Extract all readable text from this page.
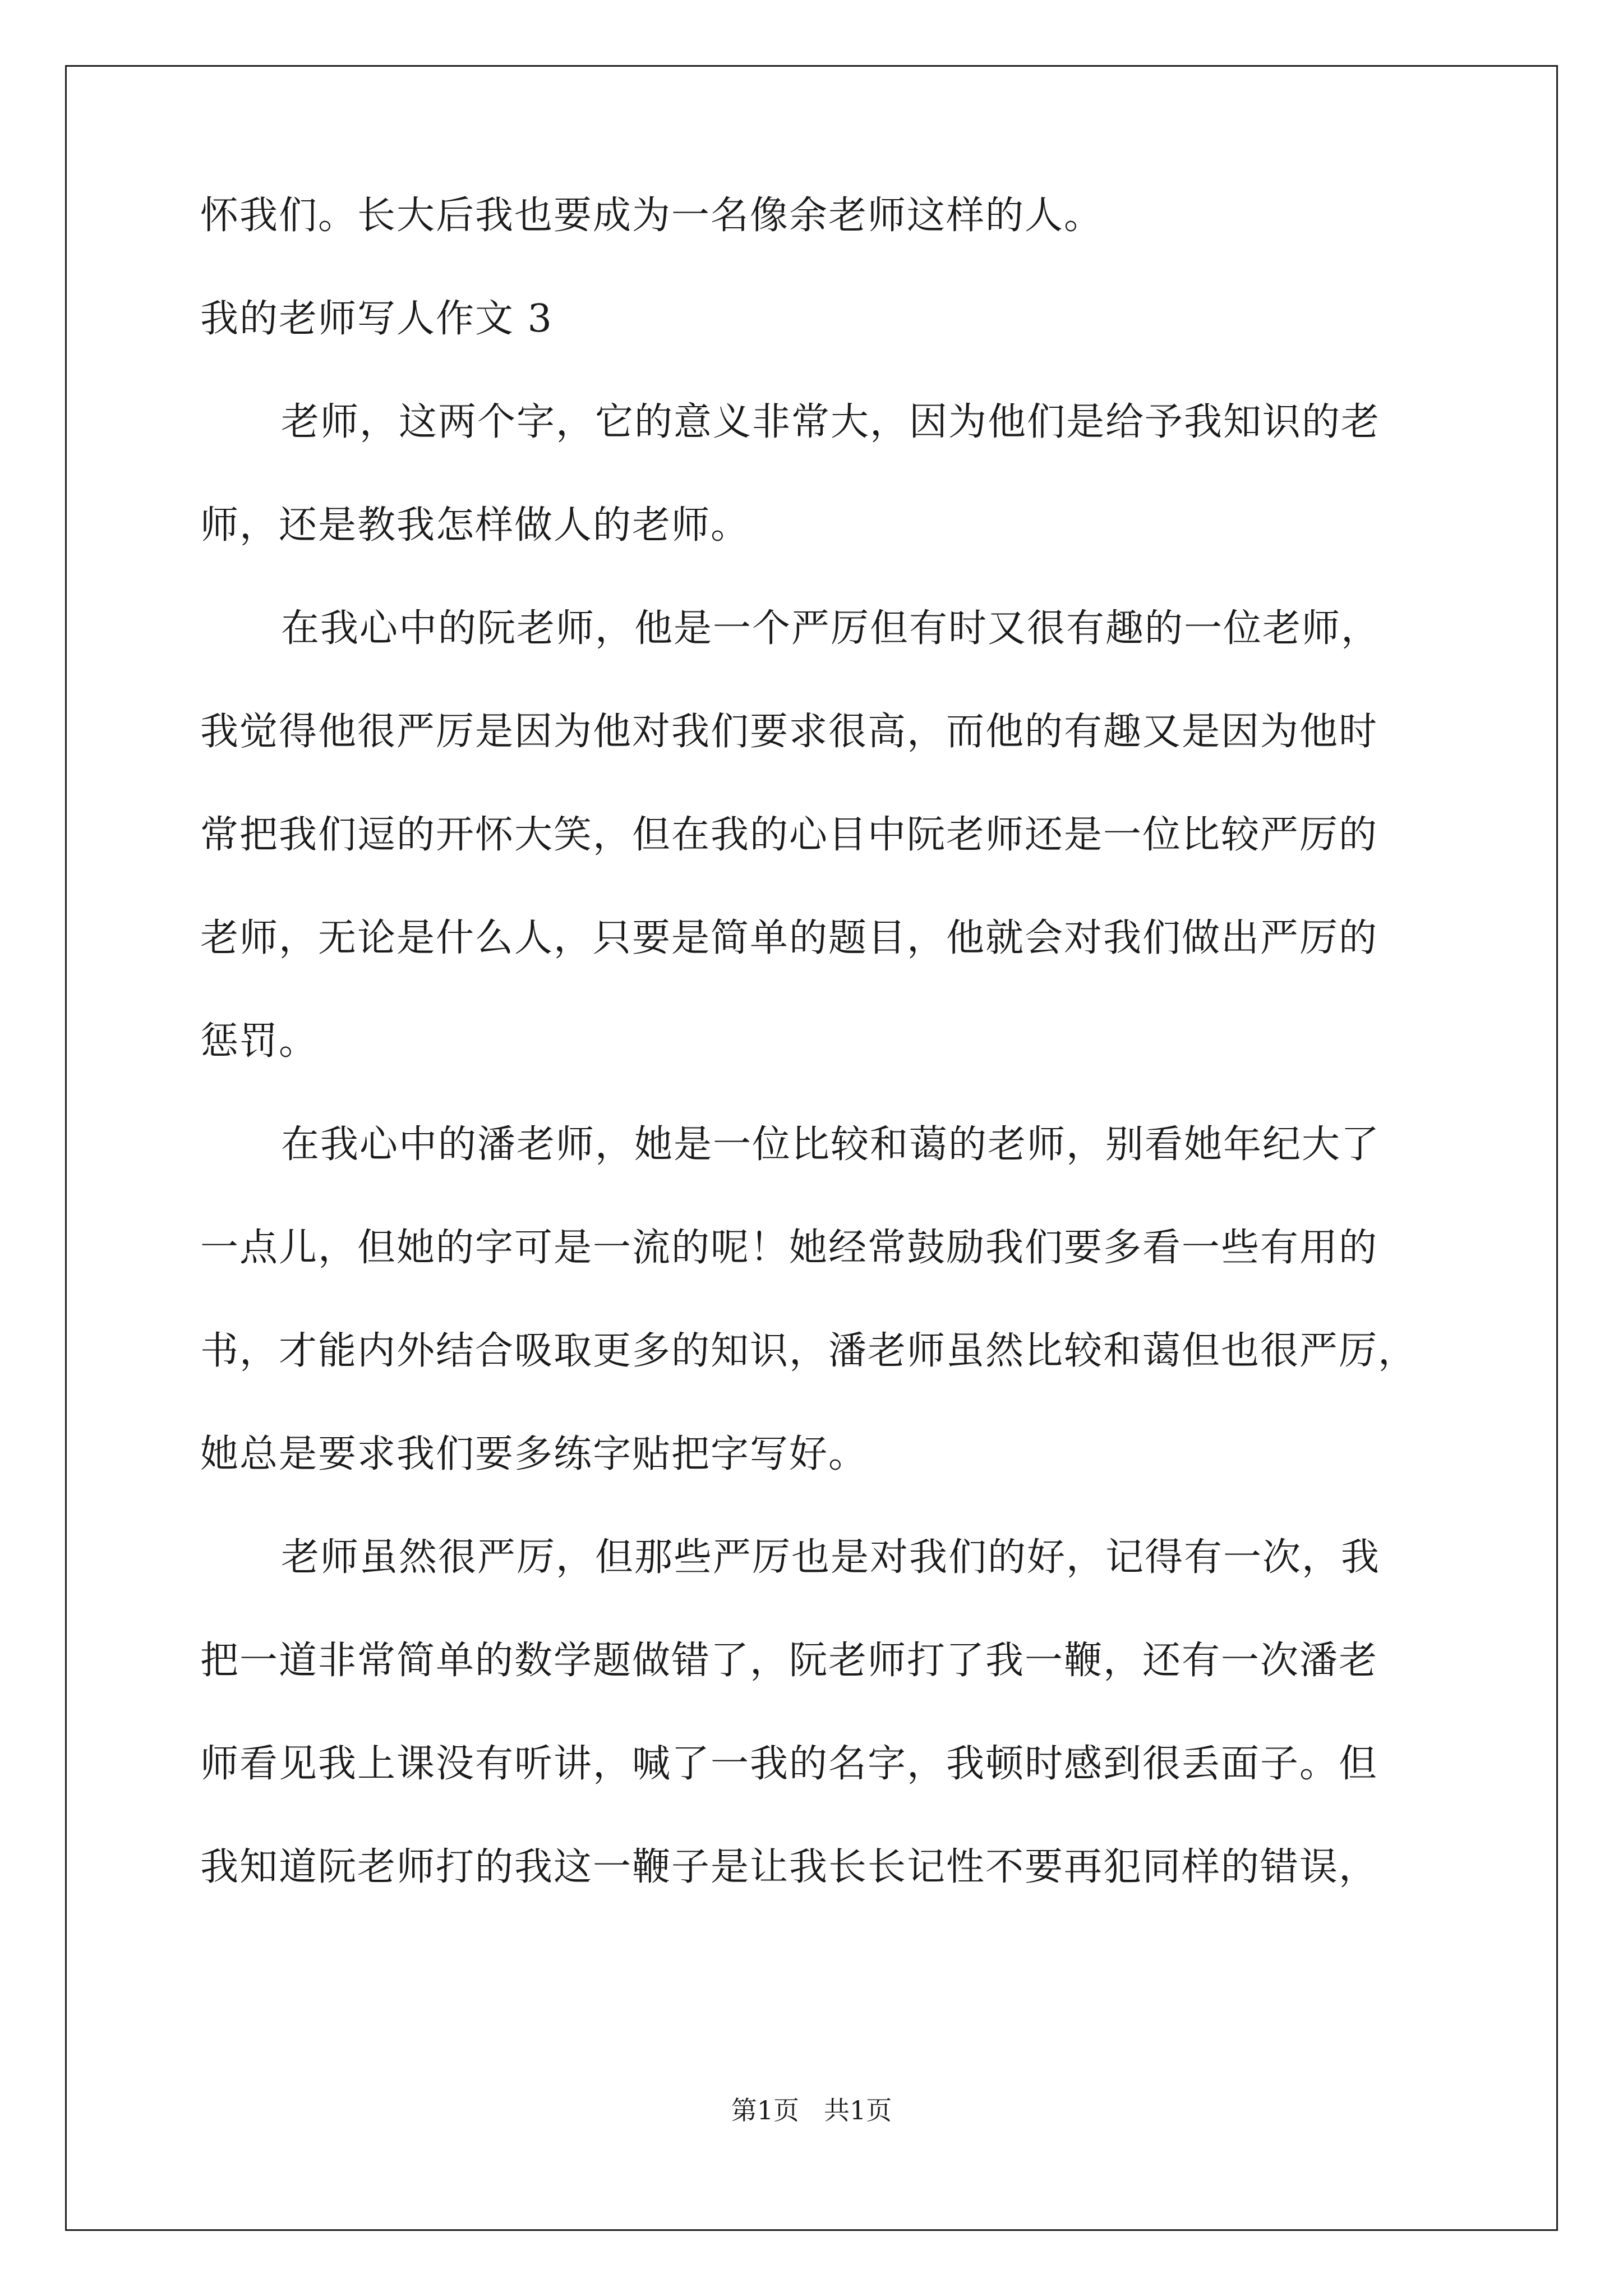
怀我们。长大后我也要成为一名像余老师这样的人。

我的老师写人作文 3

老师，这两个字，它的意义非常大，因为他们是给予我知识的老

师，还是教我怎样做人的老师。

在我心中的阮老师，他是一个严厉但有时又很有趣的一位老师，

我觉得他很严厉是因为他对我们要求很高，而他的有趣又是因为他时

常把我们逗的开怀大笑，但在我的心目中阮老师还是一位比较严厉的

老师，无论是什么人，只要是简单的题目，他就会对我们做出严厉的

惩罚。

在我心中的潘老师，她是一位比较和蔼的老师，别看她年纪大了

一点儿，但她的字可是一流的呢！她经常鼓励我们要多看一些有用的

书，才能内外结合吸取更多的知识，潘老师虽然比较和蔼但也很严厉，

她总是要求我们要多练字贴把字写好。

老师虽然很严厉，但那些严厉也是对我们的好，记得有一次，我

把一道非常简单的数学题做错了，阮老师打了我一鞭，还有一次潘老

师看见我上课没有听讲，喊了一我的名字，我顿时感到很丢面子。但

我知道阮老师打的我这一鞭子是让我长长记性不要再犯同样的错误，

第1页 共1页
